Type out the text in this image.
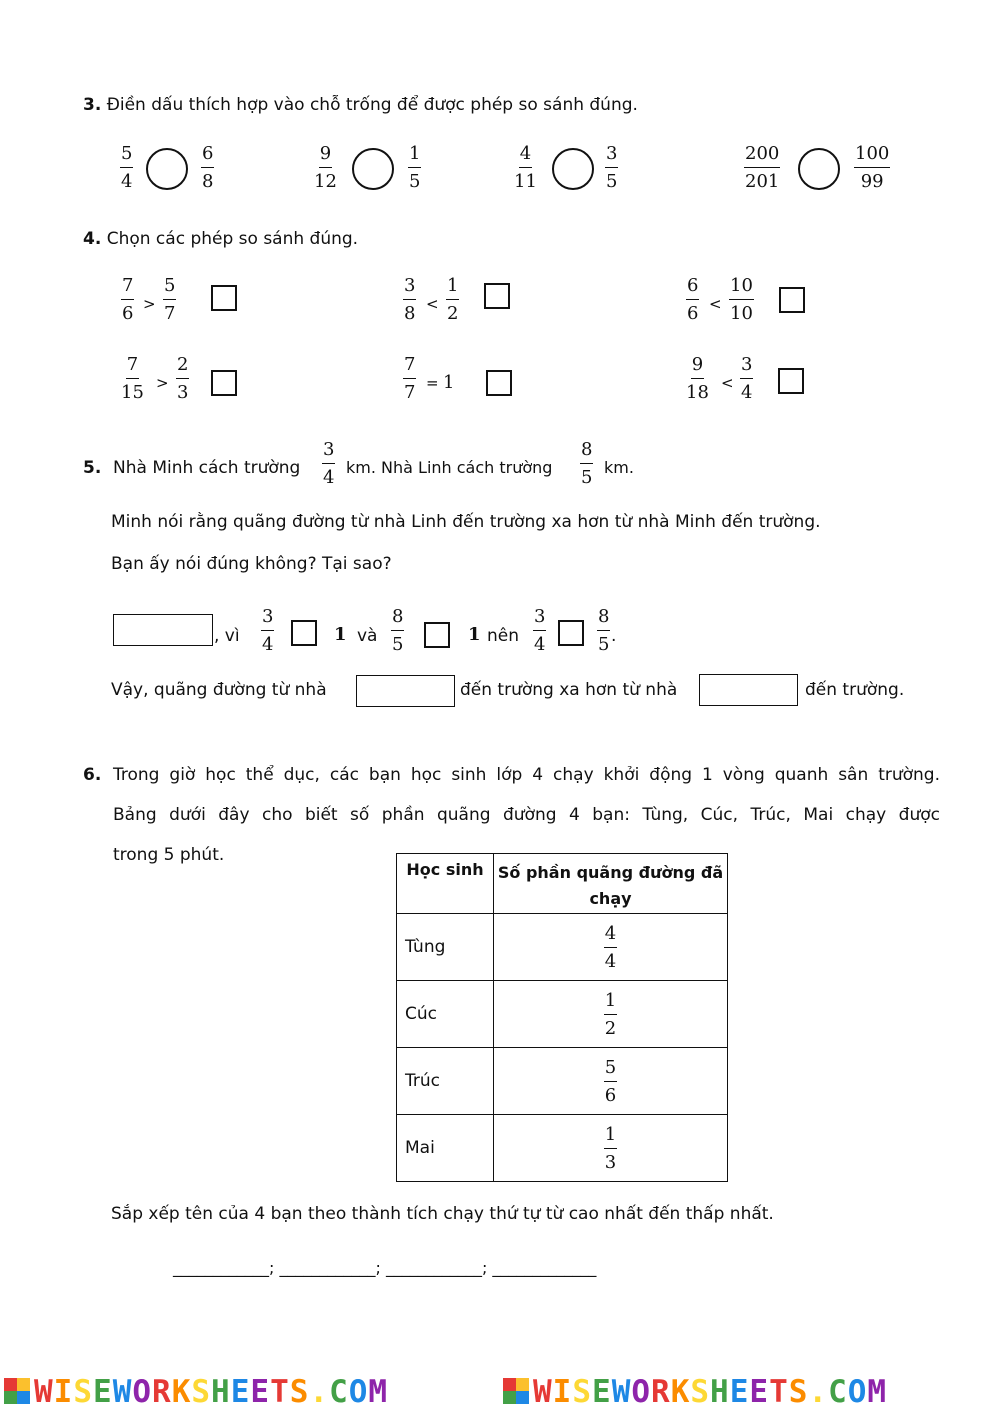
3. Điền dấu thích hợp vào chỗ trống để được phép so sánh đúng.
$\frac{5}{4}$	$\frac{6}{8}$	$\frac{9}{12}$	$\frac{1}{5}$	$\frac{4}{11}$	$\frac{3}{5}$	$\frac{200}{201}$	$\frac{100}{99}$
4. Chọn các phép so sánh đúng.
$\frac{7}{6} > \frac{5}{7}$	$\frac{3}{8} < \frac{1}{2}$	$\frac{6}{6} < \frac{10}{10}$
$\frac{7}{15} > \frac{2}{3}$	$\frac{7}{7} = 1$	$\frac{9}{18} < \frac{3}{4}$
5. Nhà Minh cách trường $\frac{3}{4}$ km. Nhà Linh cách trường $\frac{8}{5}$ km.
Minh nói rằng quãng đường từ nhà Linh đến trường xa hơn từ nhà Minh đến trường.
Bạn ấy nói đúng không? Tại sao?
, vì $\frac{3}{4}$	1 và $\frac{8}{5}$	1 nên $\frac{3}{4}$	$\frac{8}{5}$ .
Vậy, quãng đường từ nhà	đến trường xa hơn từ nhà	đến trường.
6. Trong giờ học thể dục, các bạn học sinh lớp 4 chạy khởi động 1 vòng quanh sân trường.
Bảng dưới đây cho biết số phần quãng đường 4 bạn: Tùng, Cúc, Trúc, Mai chạy được
trong 5 phút.
Học sinh	Số phần quãng đường đã chạy
Tùng	$\frac{4}{4}$

Cúc	$\frac{1}{2}$

Trúc	$\frac{5}{6}$

Mai	$\frac{1}{3}$
Sắp xếp tên của 4 bạn theo thành tích chạy thứ tự từ cao nhất đến thấp nhất.
____________; ____________; ____________; _____________
WISEWORKSHEETS.COM	WISEWORKSHEETS.COM
